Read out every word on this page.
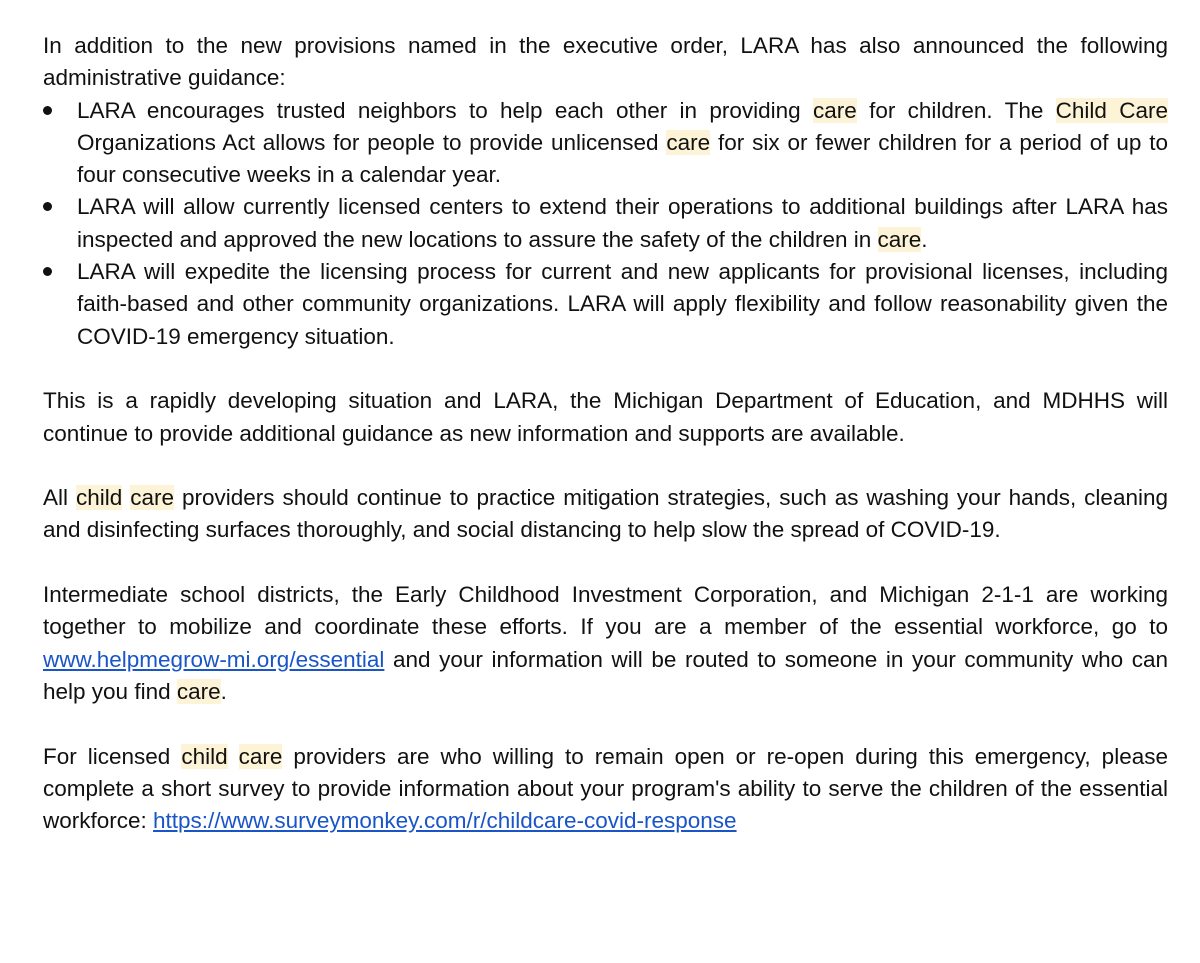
In addition to the new provisions named in the executive order, LARA has also announced the following administrative guidance:

LARA encourages trusted neighbors to help each other in providing care for children. The Child Care Organizations Act allows for people to provide unlicensed care for six or fewer children for a period of up to four consecutive weeks in a calendar year.
LARA will allow currently licensed centers to extend their operations to additional buildings after LARA has inspected and approved the new locations to assure the safety of the children in care.
LARA will expedite the licensing process for current and new applicants for provisional licenses, including faith-based and other community organizations. LARA will apply flexibility and follow reasonability given the COVID-19 emergency situation.

This is a rapidly developing situation and LARA, the Michigan Department of Education, and MDHHS will continue to provide additional guidance as new information and supports are available.

All child care providers should continue to practice mitigation strategies, such as washing your hands, cleaning and disinfecting surfaces thoroughly, and social distancing to help slow the spread of COVID-19.

Intermediate school districts, the Early Childhood Investment Corporation, and Michigan 2-1-1 are working together to mobilize and coordinate these efforts. If you are a member of the essential workforce, go to www.helpmegrow-mi.org/essential and your information will be routed to someone in your community who can help you find care.

For licensed child care providers are who willing to remain open or re-open during this emergency, please complete a short survey to provide information about your program's ability to serve the children of the essential workforce: https://www.surveymonkey.com/r/childcare-covid-response
